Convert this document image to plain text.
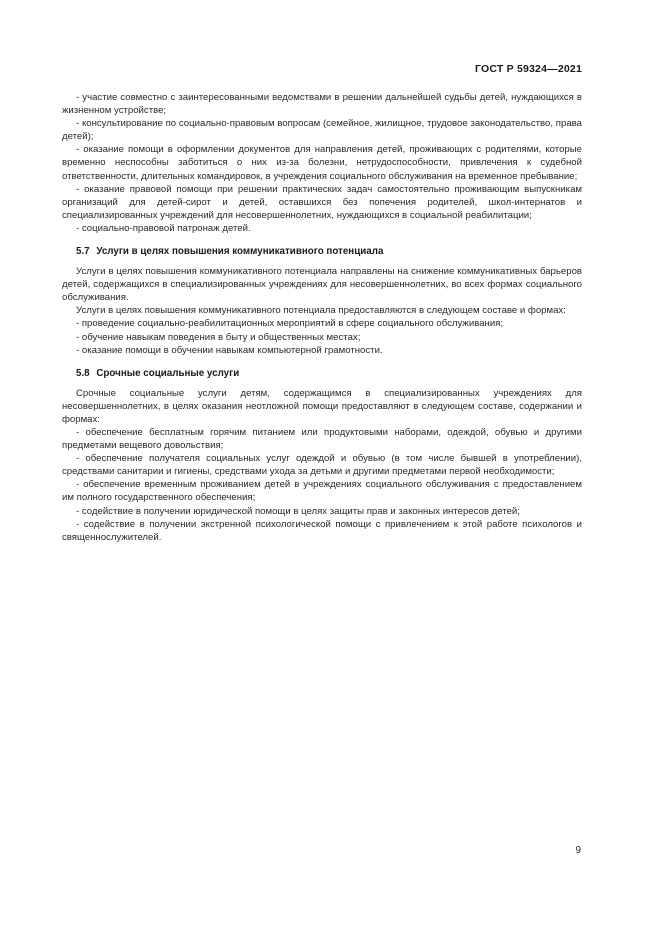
ГОСТ Р 59324—2021

- участие совместно с заинтересованными ведомствами в решении дальнейшей судьбы детей, нуждающихся в жизненном устройстве;

- консультирование по социально-правовым вопросам (семейное, жилищное, трудовое законодательство, права детей);

- оказание помощи в оформлении документов для направления детей, проживающих с родителями, которые временно неспособны заботиться о них из-за болезни, нетрудоспособности, привлечения к судебной ответственности, длительных командировок, в учреждения социального обслуживания на временное пребывание;

- оказание правовой помощи при решении практических задач самостоятельно проживающим выпускникам организаций для детей-сирот и детей, оставшихся без попечения родителей, школ-интернатов и специализированных учреждений для несовершеннолетних, нуждающихся в социальной реабилитации;

- социально-правовой патронаж детей.

5.7 Услуги в целях повышения коммуникативного потенциала

Услуги в целях повышения коммуникативного потенциала направлены на снижение коммуникативных барьеров детей, содержащихся в специализированных учреждениях для несовершеннолетних, во всех формах социального обслуживания.

Услуги в целях повышения коммуникативного потенциала предоставляются в следующем составе и формах:

- проведение социально-реабилитационных мероприятий в сфере социального обслуживания;

- обучение навыкам поведения в быту и общественных местах;

- оказание помощи в обучении навыкам компьютерной грамотности.

5.8 Срочные социальные услуги

Срочные социальные услуги детям, содержащимся в специализированных учреждениях для несовершеннолетних, в целях оказания неотложной помощи предоставляют в следующем составе, содержании и формах:

- обеспечение бесплатным горячим питанием или продуктовыми наборами, одеждой, обувью и другими предметами вещевого довольствия;

- обеспечение получателя социальных услуг одеждой и обувью (в том числе бывшей в употреблении), средствами санитарии и гигиены, средствами ухода за детьми и другими предметами первой необходимости;

- обеспечение временным проживанием детей в учреждениях социального обслуживания с предоставлением им полного государственного обеспечения;

- содействие в получении юридической помощи в целях защиты прав и законных интересов детей;

- содействие в получении экстренной психологической помощи с привлечением к этой работе психологов и священнослужителей.

9
